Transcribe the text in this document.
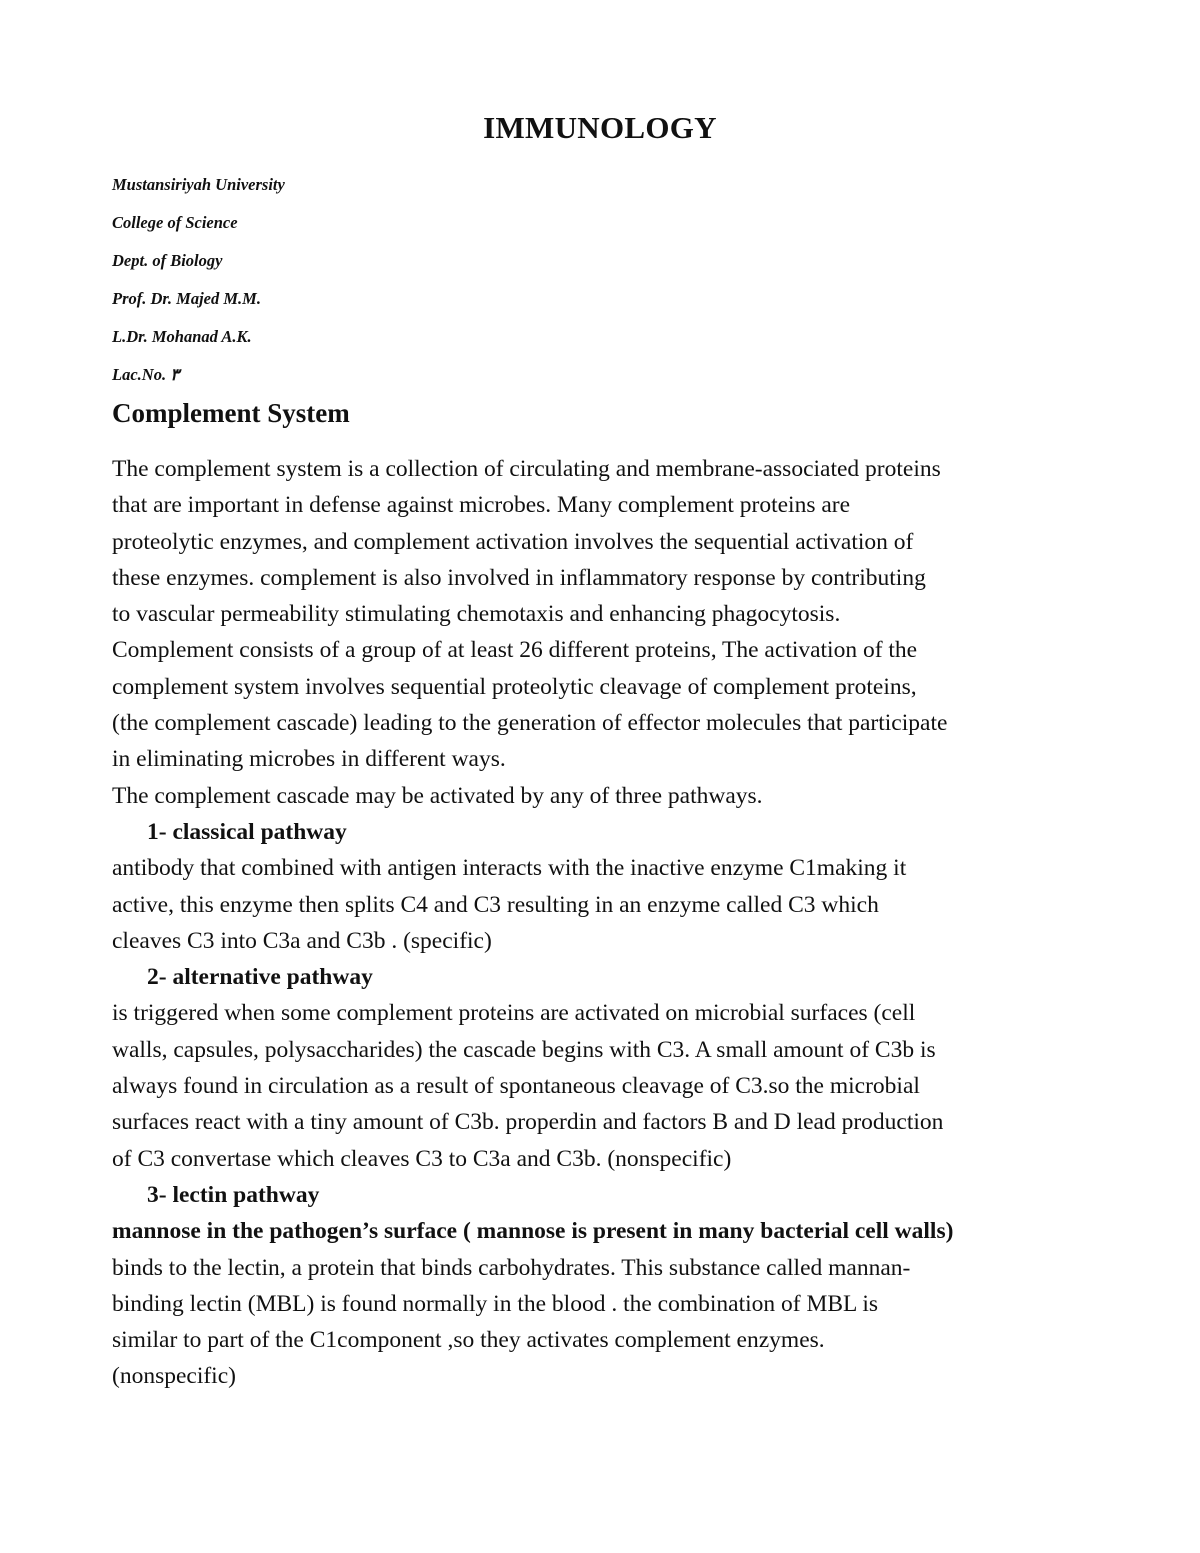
IMMUNOLOGY
Mustansiriyah University
College of Science
Dept. of Biology
Prof. Dr. Majed M.M.
L.Dr. Mohanad A.K.
Lac.No. ٣
Complement System
The complement system is a collection of circulating and membrane-associated proteins
that are important in defense against microbes. Many complement proteins are
proteolytic enzymes, and complement activation involves the sequential activation of
these enzymes. complement is also involved in inflammatory response by contributing
to vascular permeability stimulating chemotaxis and enhancing phagocytosis.
Complement consists of a group of at least 26 different proteins, The activation of the
complement system involves sequential proteolytic cleavage of complement proteins,
(the complement cascade) leading to the generation of effector molecules that participate
in eliminating microbes in different ways.
The complement cascade may be activated by any of three pathways.
1- classical pathway
antibody that combined with antigen interacts with the inactive enzyme C1making it
active, this enzyme then splits C4 and C3 resulting in an enzyme called C3 which
cleaves C3 into C3a and C3b . (specific)
2- alternative pathway
is triggered when some complement proteins are activated on microbial surfaces (cell
walls, capsules, polysaccharides) the cascade begins with C3. A small amount of C3b is
always found in circulation as a result of spontaneous cleavage of C3.so the microbial
surfaces react with a tiny amount of C3b. properdin and factors B and D lead production
of C3 convertase which cleaves C3 to C3a and C3b. (nonspecific)
3- lectin pathway
mannose in the pathogen’s surface ( mannose is present in many bacterial cell walls)
binds to the lectin, a protein that binds carbohydrates. This substance called mannan-
binding lectin (MBL) is found normally in the blood . the combination of MBL is
similar to part of the C1component ,so they activates complement enzymes.
(nonspecific)
